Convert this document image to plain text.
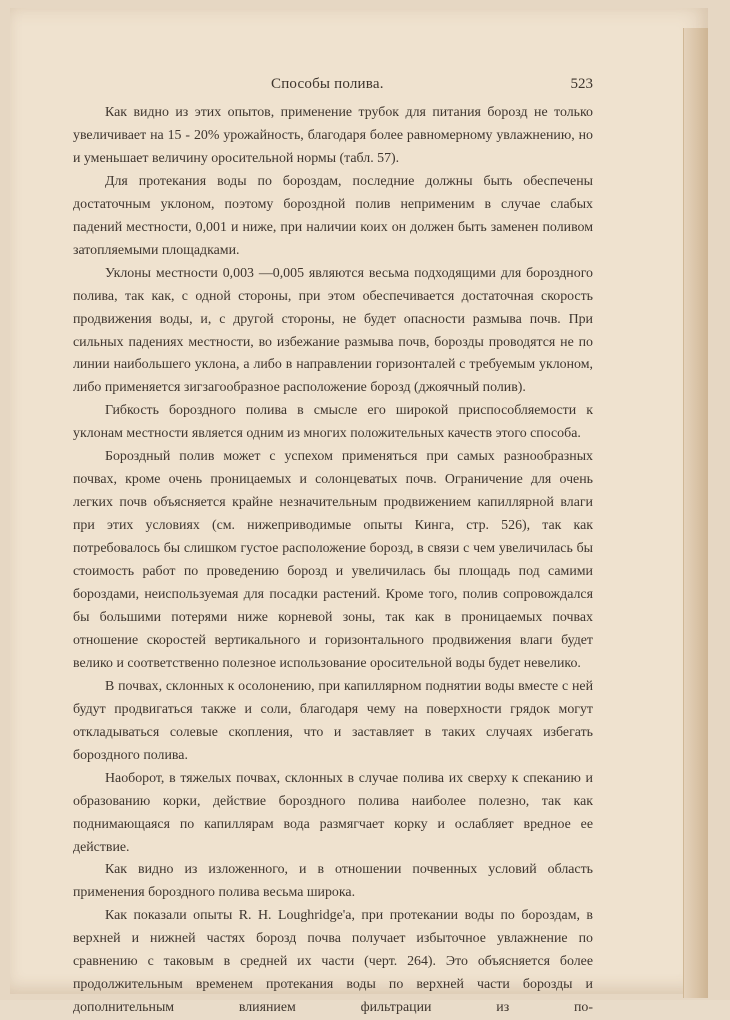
Способы полива.	523

Как видно из этих опытов, применение трубок для питания борозд не только увеличивает на 15 - 20% урожайность, благодаря более равномерному увлажнению, но и уменьшает величину оросительной нормы (табл. 57).

Для протекания воды по бороздам, последние должны быть обеспечены достаточным уклоном, поэтому бороздной полив неприменим в случае слабых падений местности, 0,001 и ниже, при наличии коих он должен быть заменен поливом затопляемыми площадками.

Уклоны местности 0,003 —0,005 являются весьма подходящими для бороздного полива, так как, с одной стороны, при этом обеспечивается достаточная скорость продвижения воды, и, с другой стороны, не будет опасности размыва почв. При сильных падениях местности, во избежание размыва почв, борозды проводятся не по линии наибольшего уклона, а либо в направлении горизонталей с требуемым уклоном, либо применяется зигзагообразное расположение борозд (джоячный полив).

Гибкость бороздного полива в смысле его широкой приспособляемости к уклонам местности является одним из многих положительных качеств этого способа.

Бороздный полив может с успехом применяться при самых разнообразных почвах, кроме очень проницаемых и солонцеватых почв. Ограничение для очень легких почв объясняется крайне незначительным продвижением капиллярной влаги при этих условиях (см. нижеприводимые опыты Кинга, стр. 526), так как потребовалось бы слишком густое расположение борозд, в связи с чем увеличилась бы стоимость работ по проведению борозд и увеличилась бы площадь под самими бороздами, неиспользуемая для посадки растений. Кроме того, полив сопровождался бы большими потерями ниже корневой зоны, так как в проницаемых почвах отношение скоростей вертикального и горизонтального продвижения влаги будет велико и соответственно полезное использование оросительной воды будет невелико.

В почвах, склонных к осолонению, при капиллярном поднятии воды вместе с ней будут продвигаться также и соли, благодаря чему на поверхности грядок могут откладываться солевые скопления, что и заставляет в таких случаях избегать бороздного полива.

Наоборот, в тяжелых почвах, склонных в случае полива их сверху к спеканию и образованию корки, действие бороздного полива наиболее полезно, так как поднимающаяся по капиллярам вода размягчает корку и ослабляет вредное ее действие.

Как видно из изложенного, и в отношении почвенных условий область применения бороздного полива весьма широка.

Как показали опыты R. H. Loughridge'а, при протекании воды по бороздам, в верхней и нижней частях борозд почва получает избыточное увлажнение по сравнению с таковым в средней их части (черт. 264). Это объясняется более продолжительным временем протекания воды по верхней части борозды и дополнительным влиянием фильтрации из по-
